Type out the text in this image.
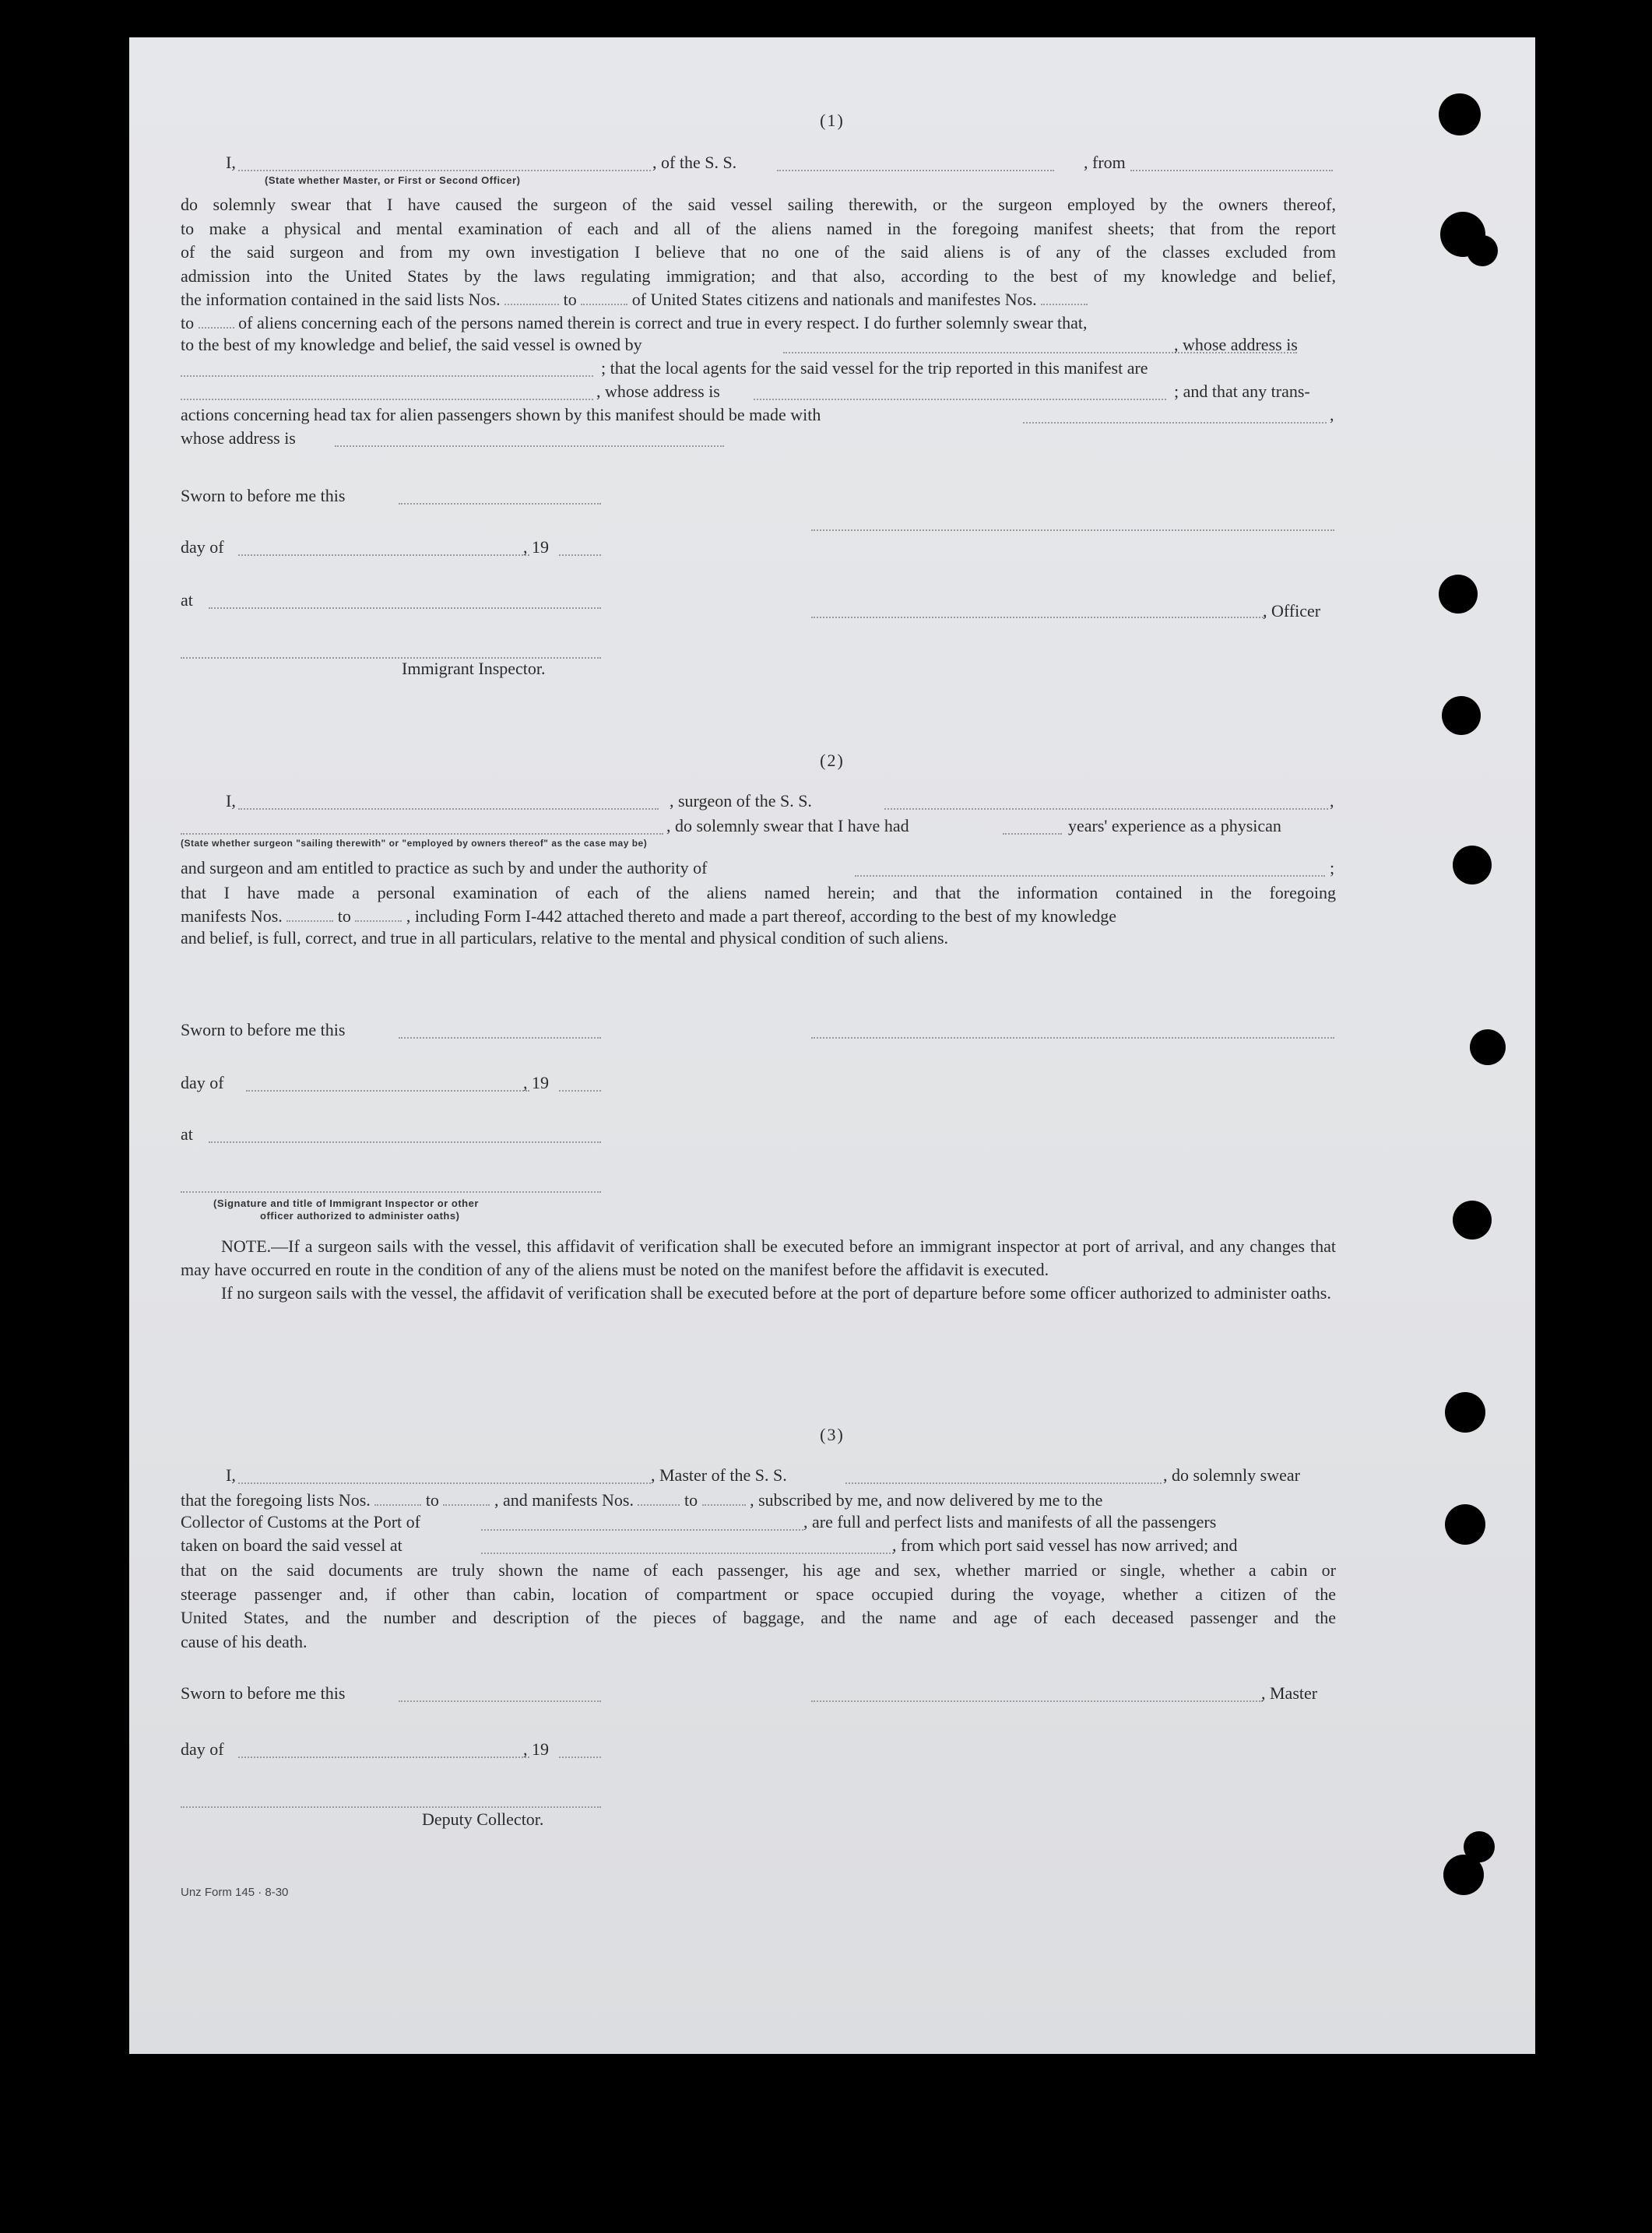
(1)
I,	, of the S. S.	, from
(State whether Master, or First or Second Officer)
do solemnly swear that I have caused the surgeon of the said vessel sailing therewith, or the surgeon employed by the owners thereof,
to make a physical and mental examination of each and all of the aliens named in the foregoing manifest sheets; that from the report
of the said surgeon and from my own investigation I believe that no one of the said aliens is of any of the classes excluded from
admission into the United States by the laws regulating immigration; and that also, according to the best of my knowledge and belief,
the information contained in the said lists Nos.	to	of United States citizens and nationals and manifestes Nos.
to	of aliens concerning each of the persons named therein is correct and true in every respect. I do further solemnly swear that,
to the best of my knowledge and belief, the said vessel is owned by	, whose address is
; that the local agents for the said vessel for the trip reported in this manifest are
, whose address is	; and that any trans-
actions concerning head tax for alien passengers shown by this manifest should be made with	,
whose address is
Sworn to before me this
day of	, 19
at
, Officer
Immigrant Inspector.
(2)
I,	, surgeon of the S. S.	,
, do solemnly swear that I have had	years' experience as a physican
(State whether surgeon "sailing therewith" or "employed by owners thereof" as the case may be)
and surgeon and am entitled to practice as such by and under the authority of	;
that I have made a personal examination of each of the aliens named herein; and that the information contained in the foregoing
manifests Nos.	to	, including Form I-442 attached thereto and made a part thereof, according to the best of my knowledge
and belief, is full, correct, and true in all particulars, relative to the mental and physical condition of such aliens.
Sworn to before me this
day of	, 19
at
(Signature and title of Immigrant Inspector or other
officer authorized to administer oaths)

NOTE.—If a surgeon sails with the vessel, this affidavit of verification shall be executed before an immigrant inspector at port of arrival, and any changes that may have occurred en route in the condition of any of the aliens must be noted on the manifest before the affidavit is executed.

If no surgeon sails with the vessel, the affidavit of verification shall be executed before at the port of departure before some officer authorized to administer oaths.

(3)
I,	, Master of the S. S.	, do solemnly swear
that the foregoing lists Nos.	to	, and manifests Nos.	to	, subscribed by me, and now delivered by me to the
Collector of Customs at the Port of	, are full and perfect lists and manifests of all the passengers
taken on board the said vessel at	, from which port said vessel has now arrived; and
that on the said documents are truly shown the name of each passenger, his age and sex, whether married or single, whether a cabin or
steerage passenger and, if other than cabin, location of compartment or space occupied during the voyage, whether a citizen of the
United States, and the number and description of the pieces of baggage, and the name and age of each deceased passenger and the
cause of his death.
Sworn to before me this	, Master
day of	, 19
Deputy Collector.
Unz Form 145 · 8-30
